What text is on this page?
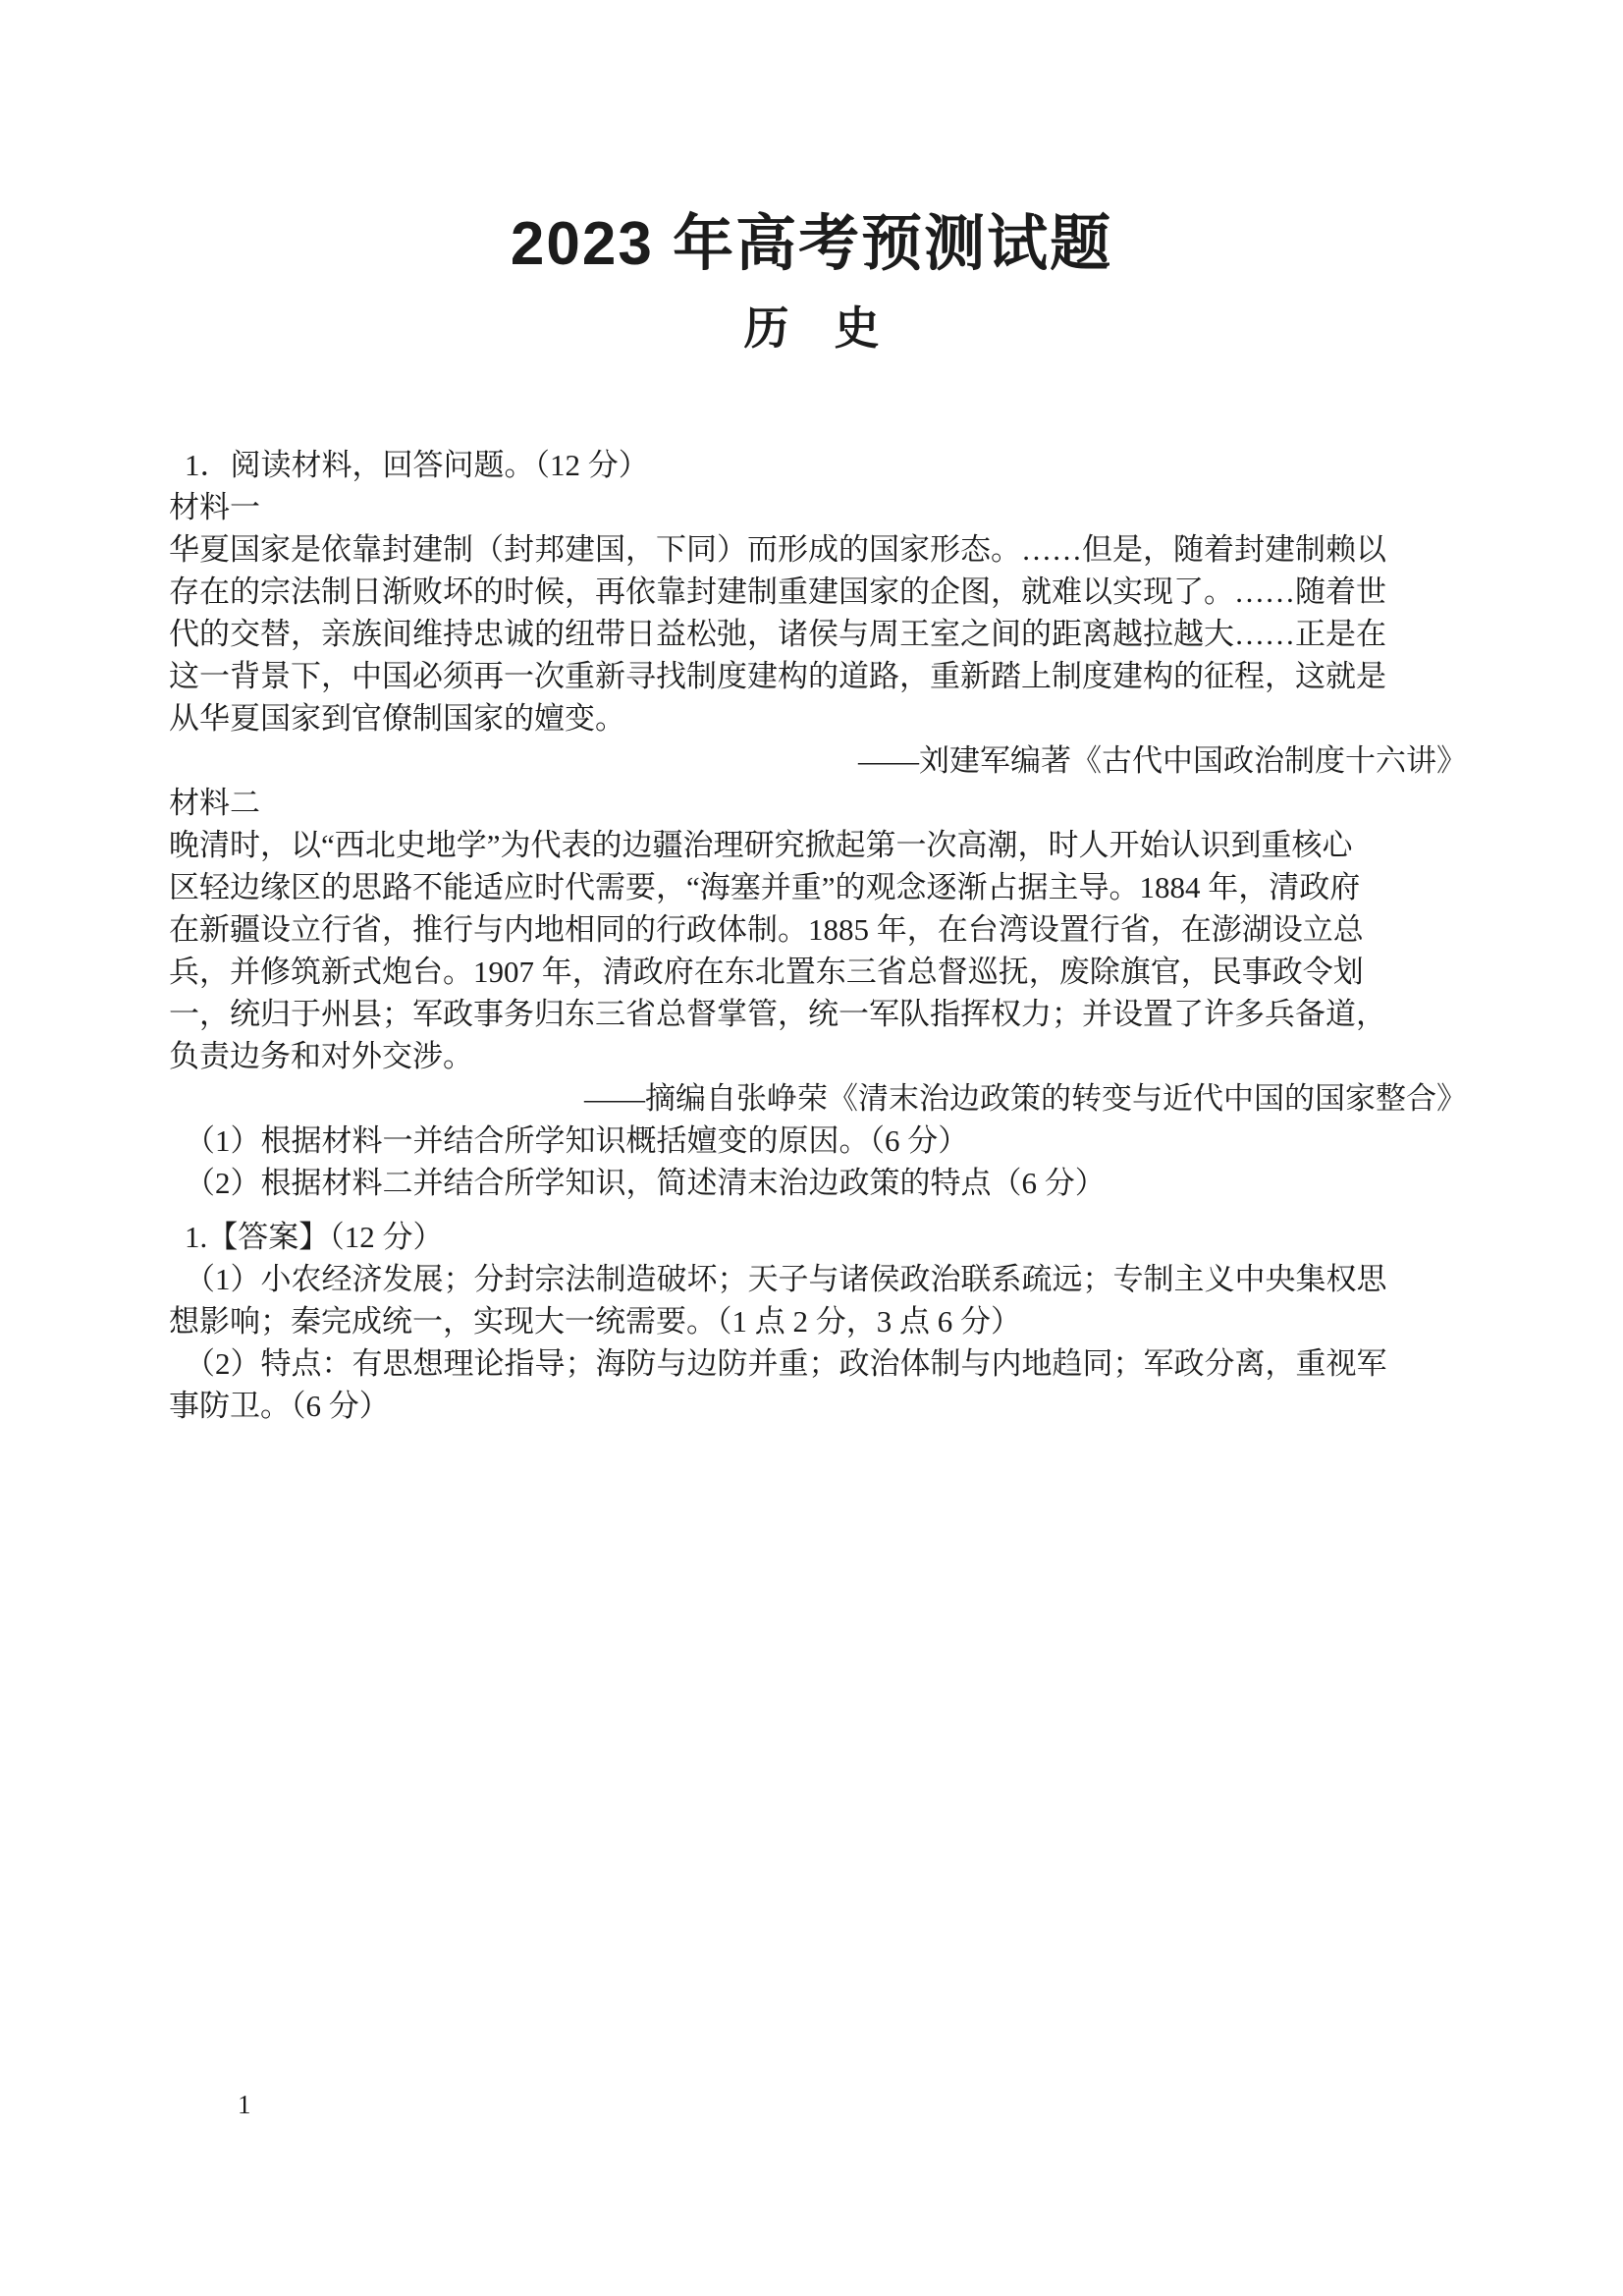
2023 年高考预测试题
历　史
1．阅读材料，回答问题。（12 分）
材料一
华夏国家是依靠封建制（封邦建国，下同）而形成的国家形态。……但是，随着封建制赖以
存在的宗法制日渐败坏的时候，再依靠封建制重建国家的企图，就难以实现了。……随着世
代的交替，亲族间维持忠诚的纽带日益松弛，诸侯与周王室之间的距离越拉越大……正是在
这一背景下，中国必须再一次重新寻找制度建构的道路，重新踏上制度建构的征程，这就是
从华夏国家到官僚制国家的嬗变。
——刘建军编著《古代中国政治制度十六讲》
材料二
晚清时，以“西北史地学”为代表的边疆治理研究掀起第一次高潮，时人开始认识到重核心
区轻边缘区的思路不能适应时代需要，“海塞并重”的观念逐渐占据主导。1884 年，清政府
在新疆设立行省，推行与内地相同的行政体制。1885 年，在台湾设置行省，在澎湖设立总
兵，并修筑新式炮台。1907 年，清政府在东北置东三省总督巡抚，废除旗官，民事政令划
一，统归于州县；军政事务归东三省总督掌管，统一军队指挥权力；并设置了许多兵备道，
负责边务和对外交涉。
——摘编自张峥荣《清末治边政策的转变与近代中国的国家整合》
（1）根据材料一并结合所学知识概括嬗变的原因。（6 分）
（2）根据材料二并结合所学知识，简述清末治边政策的特点（6 分）
1.【答案】（12 分）
（1）小农经济发展；分封宗法制造破坏；天子与诸侯政治联系疏远；专制主义中央集权思
想影响；秦完成统一，实现大一统需要。（1 点 2 分，3 点 6 分）
（2）特点：有思想理论指导；海防与边防并重；政治体制与内地趋同；军政分离，重视军
事防卫。（6 分）
1
